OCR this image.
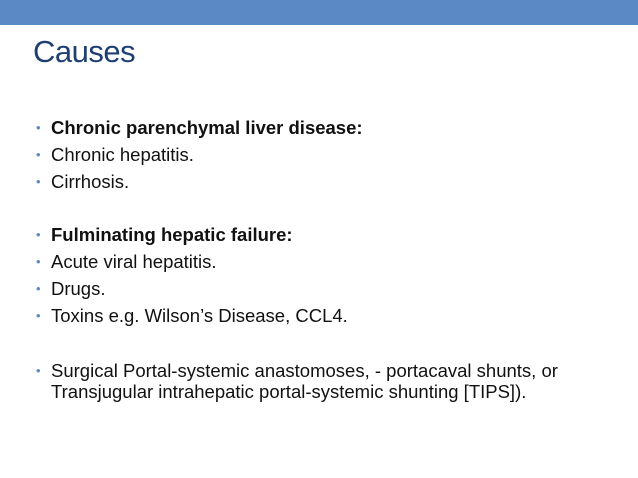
Causes
• Chronic parenchymal liver disease:
• Chronic hepatitis.
• Cirrhosis.
• Fulminating hepatic failure:
• Acute viral hepatitis.
• Drugs.
• Toxins e.g. Wilson’s Disease, CCL4.
• Surgical Portal-systemic anastomoses, - portacaval shunts, or Transjugular intrahepatic portal-systemic shunting [TIPS]).
